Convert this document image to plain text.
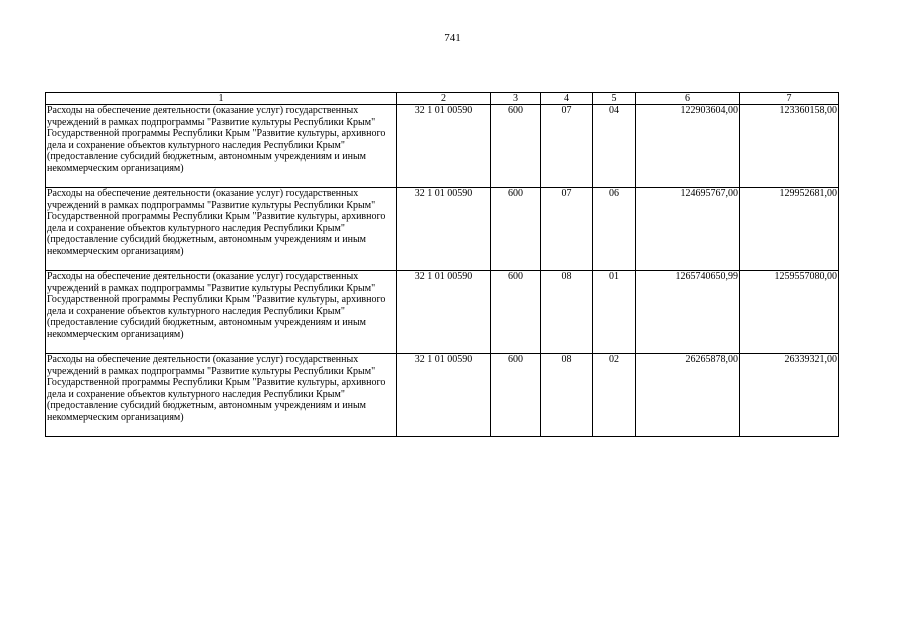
741
1	2	3	4	5	6	7
Расходы на обеспечение деятельности (оказание услуг) государственных учреждений в рамках подпрограммы "Развитие культуры Республики Крым" Государственной программы Республики Крым "Развитие культуры, архивного дела и сохранение объектов культурного наследия Республики Крым" (предоставление субсидий бюджетным, автономным учреждениям и иным некоммерческим организациям)	32 1 01 00590	600	07	04	122903604,00	123360158,00
Расходы на обеспечение деятельности (оказание услуг) государственных учреждений в рамках подпрограммы "Развитие культуры Республики Крым" Государственной программы Республики Крым "Развитие культуры, архивного дела и сохранение объектов культурного наследия Республики Крым" (предоставление субсидий бюджетным, автономным учреждениям и иным некоммерческим организациям)	32 1 01 00590	600	07	06	124695767,00	129952681,00
Расходы на обеспечение деятельности (оказание услуг) государственных учреждений в рамках подпрограммы "Развитие культуры Республики Крым" Государственной программы Республики Крым "Развитие культуры, архивного дела и сохранение объектов культурного наследия Республики Крым" (предоставление субсидий бюджетным, автономным учреждениям и иным некоммерческим организациям)	32 1 01 00590	600	08	01	1265740650,99	1259557080,00
Расходы на обеспечение деятельности (оказание услуг) государственных учреждений в рамках подпрограммы "Развитие культуры Республики Крым" Государственной программы Республики Крым "Развитие культуры, архивного дела и сохранение объектов культурного наследия Республики Крым" (предоставление субсидий бюджетным, автономным учреждениям и иным некоммерческим организациям)	32 1 01 00590	600	08	02	26265878,00	26339321,00
